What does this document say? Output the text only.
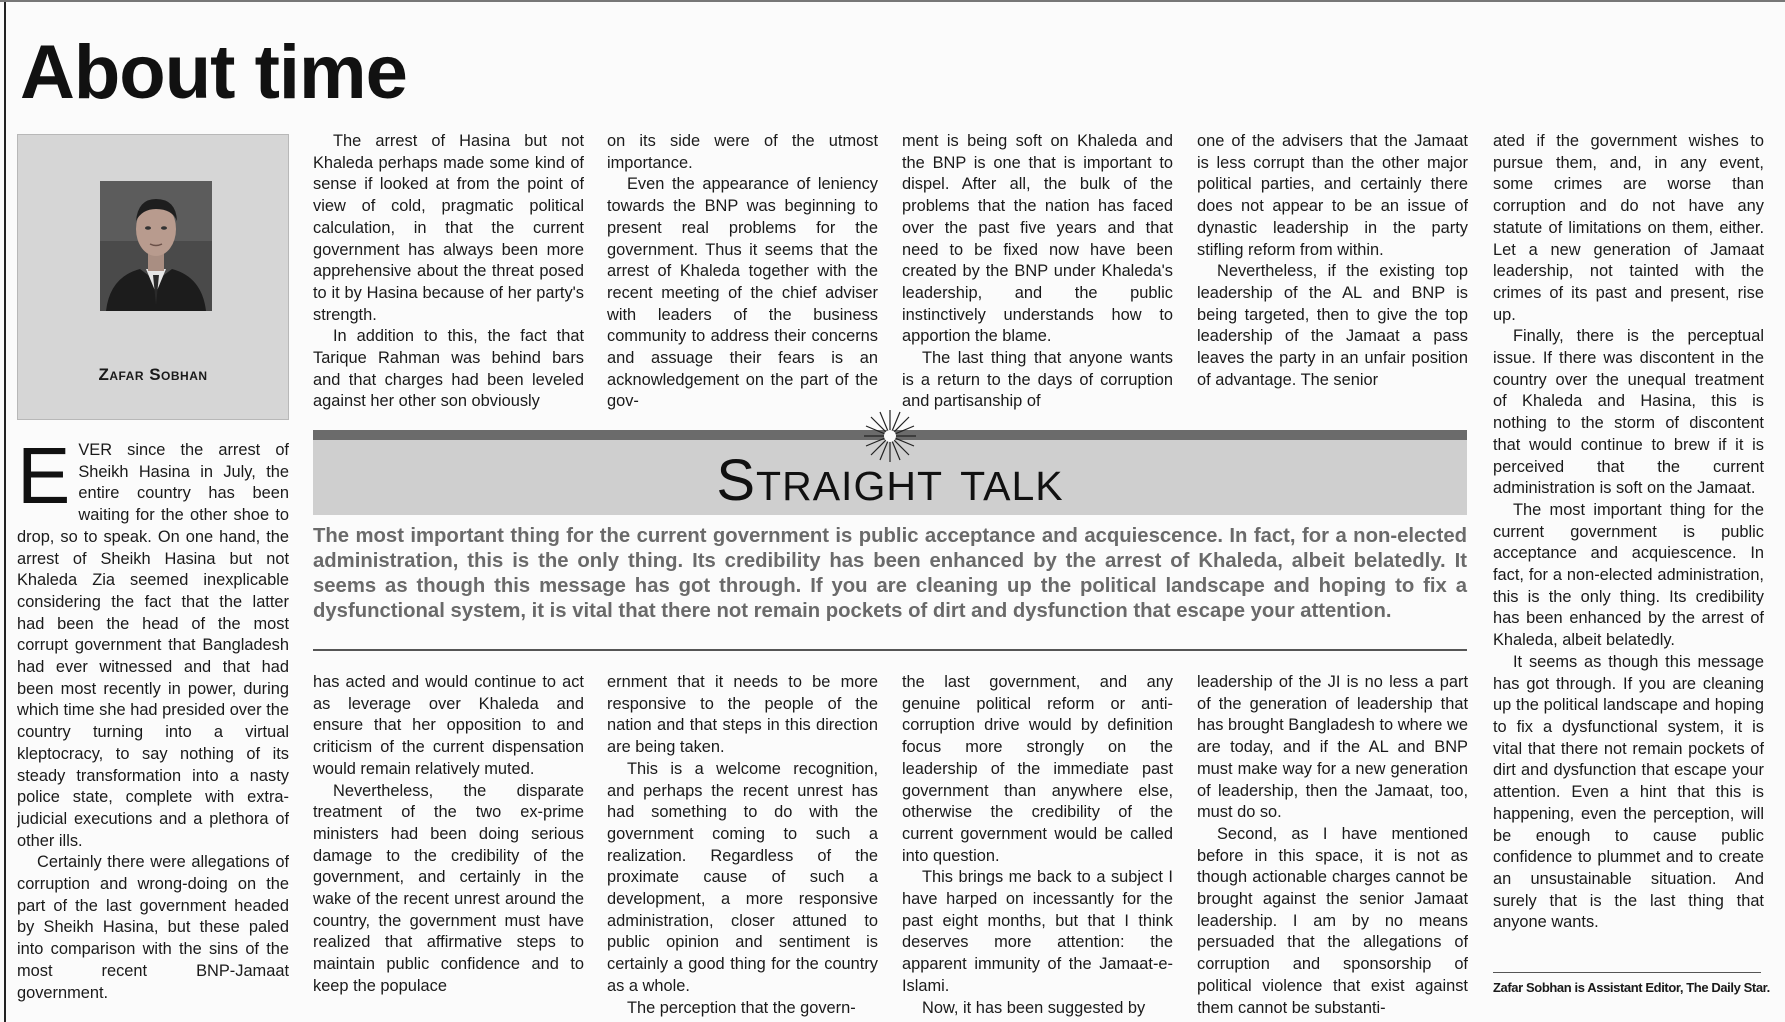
About time
Zafar Sobhan

EVER since the arrest of Sheikh Hasina in July, the entire country has been waiting for the other shoe to drop, so to speak. On one hand, the arrest of Sheikh Hasina but not Khaleda Zia seemed inexplicable considering the fact that the latter had been the head of the most corrupt government that Bangladesh had ever witnessed and that had been most recently in power, during which time she had presided over the country turning into a virtual kleptocracy, to say nothing of its steady transformation into a nasty police state, complete with extra-judicial executions and a plethora of other ills.

Certainly there were allegations of corruption and wrong-doing on the part of the last government headed by Sheikh Hasina, but these paled into comparison with the sins of the most recent BNP-Jamaat government.

The arrest of Hasina but not Khaleda perhaps made some kind of sense if looked at from the point of view of cold, pragmatic political calculation, in that the current government has always been more apprehensive about the threat posed to it by Hasina because of her party's strength.

In addition to this, the fact that Tarique Rahman was behind bars and that charges had been leveled against her other son obviously

on its side were of the utmost importance.

Even the appearance of leniency towards the BNP was beginning to present real problems for the government. Thus it seems that the arrest of Khaleda together with the recent meeting of the chief adviser with leaders of the business community to address their concerns and assuage their fears is an acknowledgement on the part of the gov-

ment is being soft on Khaleda and the BNP is one that is important to dispel. After all, the bulk of the problems that the nation has faced over the past five years and that need to be fixed now have been created by the BNP under Khaleda's leadership, and the public instinctively understands how to apportion the blame.

The last thing that anyone wants is a return to the days of corruption and partisanship of

one of the advisers that the Jamaat is less corrupt than the other major political parties, and certainly there does not appear to be an issue of dynastic leadership in the party stifling reform from within.

Nevertheless, if the existing top leadership of the AL and BNP is being targeted, then to give the top leadership of the Jamaat a pass leaves the party in an unfair position of advantage. The senior

Straight talk

The most important thing for the current government is public acceptance and acquiescence. In fact, for a non-elected administration, this is the only thing. Its credibility has been enhanced by the arrest of Khaleda, albeit belatedly. It seems as though this message has got through. If you are cleaning up the political landscape and hoping to fix a dysfunctional system, it is vital that there not remain pockets of dirt and dysfunction that escape your attention.

has acted and would continue to act as leverage over Khaleda and ensure that her opposition to and criticism of the current dispensation would remain relatively muted.

Nevertheless, the disparate treatment of the two ex-prime ministers had been doing serious damage to the credibility of the government, and certainly in the wake of the recent unrest around the country, the government must have realized that affirmative steps to maintain public confidence and to keep the populace

ernment that it needs to be more responsive to the people of the nation and that steps in this direction are being taken.

This is a welcome recognition, and perhaps the recent unrest has had something to do with the government coming to such a realization. Regardless of the proximate cause of such a development, a more responsive administration, closer attuned to public opinion and sentiment is certainly a good thing for the country as a whole.

The perception that the govern-

the last government, and any genuine political reform or anti-corruption drive would by definition focus more strongly on the leadership of the immediate past government than anywhere else, otherwise the credibility of the current government would be called into question.

This brings me back to a subject I have harped on incessantly for the past eight months, but that I think deserves more attention: the apparent immunity of the Jamaat-e-Islami.

Now, it has been suggested by

leadership of the JI is no less a part of the generation of leadership that has brought Bangladesh to where we are today, and if the AL and BNP must make way for a new generation of leadership, then the Jamaat, too, must do so.

Second, as I have mentioned before in this space, it is not as though actionable charges cannot be brought against the senior Jamaat leadership. I am by no means persuaded that the allegations of corruption and sponsorship of political violence that exist against them cannot be substanti-

ated if the government wishes to pursue them, and, in any event, some crimes are worse than corruption and do not have any statute of limitations on them, either. Let a new generation of Jamaat leadership, not tainted with the crimes of its past and present, rise up.

Finally, there is the perceptual issue. If there was discontent in the country over the unequal treatment of Khaleda and Hasina, this is nothing to the storm of discontent that would continue to brew if it is perceived that the current administration is soft on the Jamaat.

The most important thing for the current government is public acceptance and acquiescence. In fact, for a non-elected administration, this is the only thing. Its credibility has been enhanced by the arrest of Khaleda, albeit belatedly.

It seems as though this message has got through. If you are cleaning up the political landscape and hoping to fix a dysfunctional system, it is vital that there not remain pockets of dirt and dysfunction that escape your attention. Even a hint that this is happening, even the perception, will be enough to cause public confidence to plummet and to create an unsustainable situation. And surely that is the last thing that anyone wants.

Zafar Sobhan is Assistant Editor, The Daily Star.
